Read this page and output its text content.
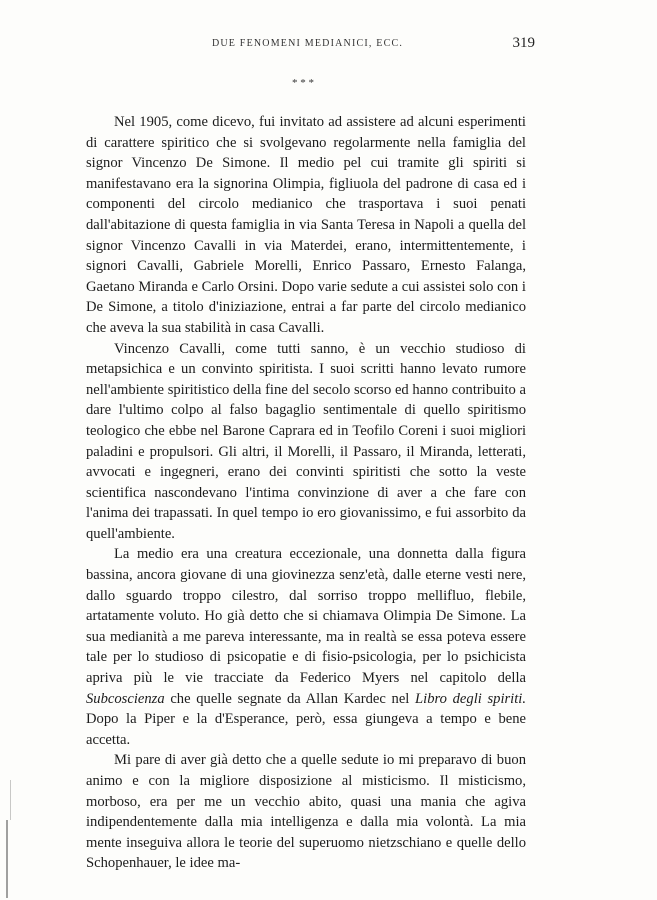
DUE FENOMENI MEDIANICI, ECC.	319
* * *

Nel 1905, come dicevo, fui invitato ad assistere ad alcuni esperimenti di carattere spiritico che si svolgevano regolarmente nella famiglia del signor Vincenzo De Simone. Il medio pel cui tramite gli spiriti si manifestavano era la signorina Olimpia, figliuola del padrone di casa ed i componenti del circolo medianico che trasportava i suoi penati dall'abitazione di questa famiglia in via Santa Teresa in Napoli a quella del signor Vincenzo Cavalli in via Materdei, erano, intermittentemente, i signori Cavalli, Gabriele Morelli, Enrico Passaro, Ernesto Falanga, Gaetano Miranda e Carlo Orsini. Dopo varie sedute a cui assistei solo con i De Simone, a titolo d'iniziazione, entrai a far parte del circolo medianico che aveva la sua stabilità in casa Cavalli.

Vincenzo Cavalli, come tutti sanno, è un vecchio studioso di metapsichica e un convinto spiritista. I suoi scritti hanno levato rumore nell'ambiente spiritistico della fine del secolo scorso ed hanno contribuito a dare l'ultimo colpo al falso bagaglio sentimentale di quello spiritismo teologico che ebbe nel Barone Caprara ed in Teofilo Coreni i suoi migliori paladini e propulsori. Gli altri, il Morelli, il Passaro, il Miranda, letterati, avvocati e ingegneri, erano dei convinti spiritisti che sotto la veste scientifica nascondevano l'intima convinzione di aver a che fare con l'anima dei trapassati. In quel tempo io ero giovanissimo, e fui assorbito da quell'ambiente.

La medio era una creatura eccezionale, una donnetta dalla figura bassina, ancora giovane di una giovinezza senz'età, dalle eterne vesti nere, dallo sguardo troppo cilestro, dal sorriso troppo mellifluo, flebile, artatamente voluto. Ho già detto che si chiamava Olimpia De Simone. La sua medianità a me pareva interessante, ma in realtà se essa poteva essere tale per lo studioso di psicopatie e di fisio-psicologia, per lo psichicista apriva più le vie tracciate da Federico Myers nel capitolo della Subcoscienza che quelle segnate da Allan Kardec nel Libro degli spiriti. Dopo la Piper e la d'Esperance, però, essa giungeva a tempo e bene accetta.

Mi pare di aver già detto che a quelle sedute io mi preparavo di buon animo e con la migliore disposizione al misticismo. Il misticismo, morboso, era per me un vecchio abito, quasi una mania che agiva indipendentemente dalla mia intelligenza e dalla mia volontà. La mia mente inseguiva allora le teorie del superuomo nietzschiano e quelle dello Schopenhauer, le idee ma-
